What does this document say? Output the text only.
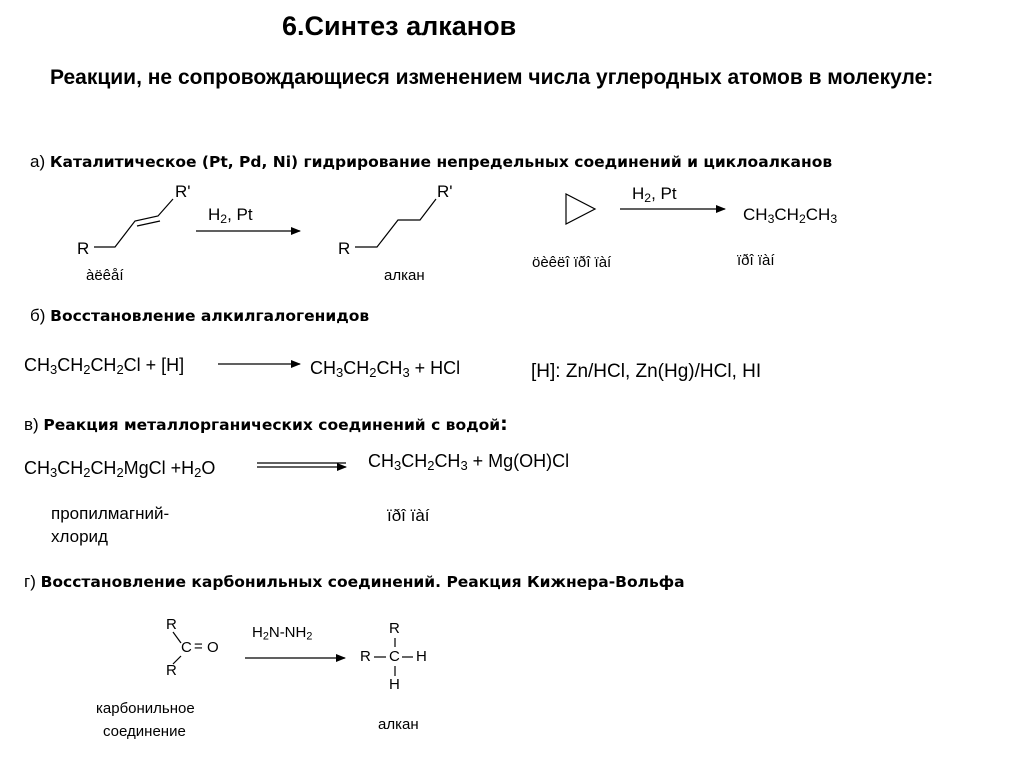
6.Синтез алканов
Реакции, не сопровождающиеся изменением числа углеродных атомов в молекуле:
а) Каталитическое (Pt, Pd, Ni) гидрирование непредельных соединений и циклоалканов
R'
R
$H_2$, Pt
R'
R
àëêåí	алкан
$H_2$, Pt
$CH_3CH_2CH_3$
öèêëî ïðî ïàí	ïðî ïàí
б) Восстановление алкилгалогенидов
$CH_3CH_2CH_2Cl + [H]$	$CH_3CH_2CH_3$ + HCl	[H]: Zn/HCl, Zn(Hg)/HCl, HI
в) Реакция металлорганических соединений с водой:
$CH_3CH_2CH_2MgCl +H_2O$	$CH_3CH_2CH_3 + Mg(OH)Cl$
пропилмагний-
хлорид
ïðî ïàí
г) Восстановление карбонильных соединений. Реакция Кижнера-Вольфа
R
C = O
R
$H_2N-NH_2$	R
R C H
H
карбонильное
соединение	алкан
